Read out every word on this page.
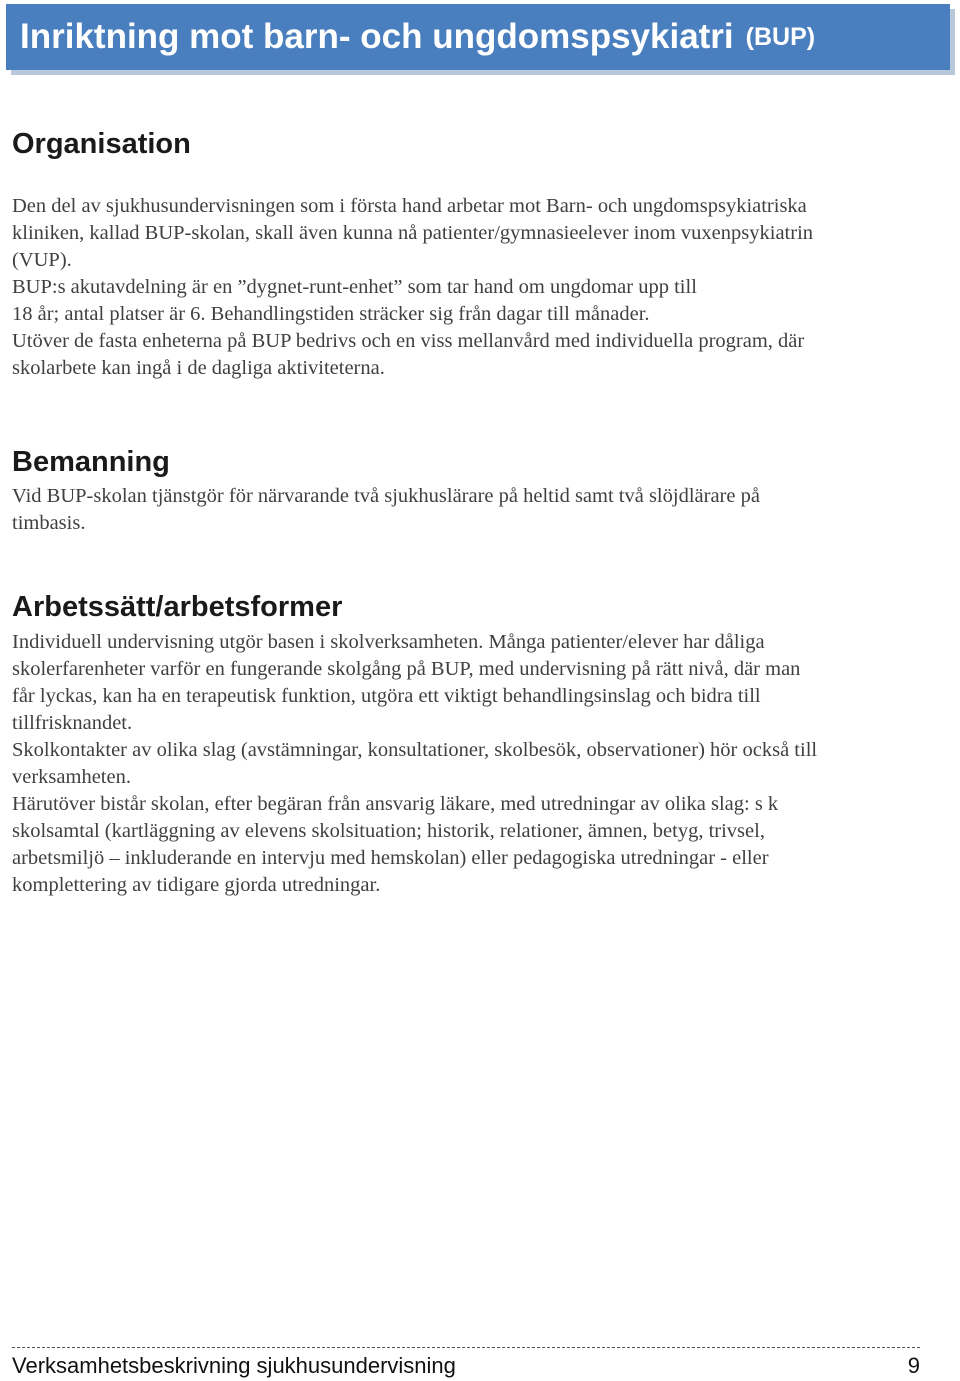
Inriktning mot barn- och ungdomspsykiatri (BUP)
Organisation
Den del av sjukhusundervisningen som i första hand arbetar mot Barn- och ungdomspsykiatriska
kliniken, kallad BUP-skolan, skall även kunna nå patienter/gymnasieelever inom vuxenpsykiatrin
(VUP).
BUP:s akutavdelning är en ”dygnet-runt-enhet” som tar hand om ungdomar upp till
18 år; antal platser är 6. Behandlingstiden sträcker sig från dagar till månader.
Utöver de fasta enheterna på BUP bedrivs och en viss mellanvård med individuella program, där
skolarbete kan ingå i de dagliga aktiviteterna.
Bemanning
Vid BUP-skolan tjänstgör för närvarande två sjukhuslärare på heltid samt två slöjdlärare på
timbasis.
Arbetssätt/arbetsformer
Individuell undervisning utgör basen i skolverksamheten. Många patienter/elever har dåliga
skolerfarenheter varför en fungerande skolgång på BUP, med undervisning på rätt nivå, där man
får lyckas, kan ha en terapeutisk funktion, utgöra ett viktigt behandlingsinslag och bidra till
tillfrisknandet.
Skolkontakter av olika slag (avstämningar, konsultationer, skolbesök, observationer) hör också till
verksamheten.
Härutöver bistår skolan, efter begäran från ansvarig läkare, med utredningar av olika slag: s k
skolsamtal (kartläggning av elevens skolsituation; historik, relationer, ämnen, betyg, trivsel,
arbetsmiljö – inkluderande en intervju med hemskolan) eller pedagogiska utredningar - eller
komplettering av tidigare gjorda utredningar.
Verksamhetsbeskrivning sjukhusundervisning	9
